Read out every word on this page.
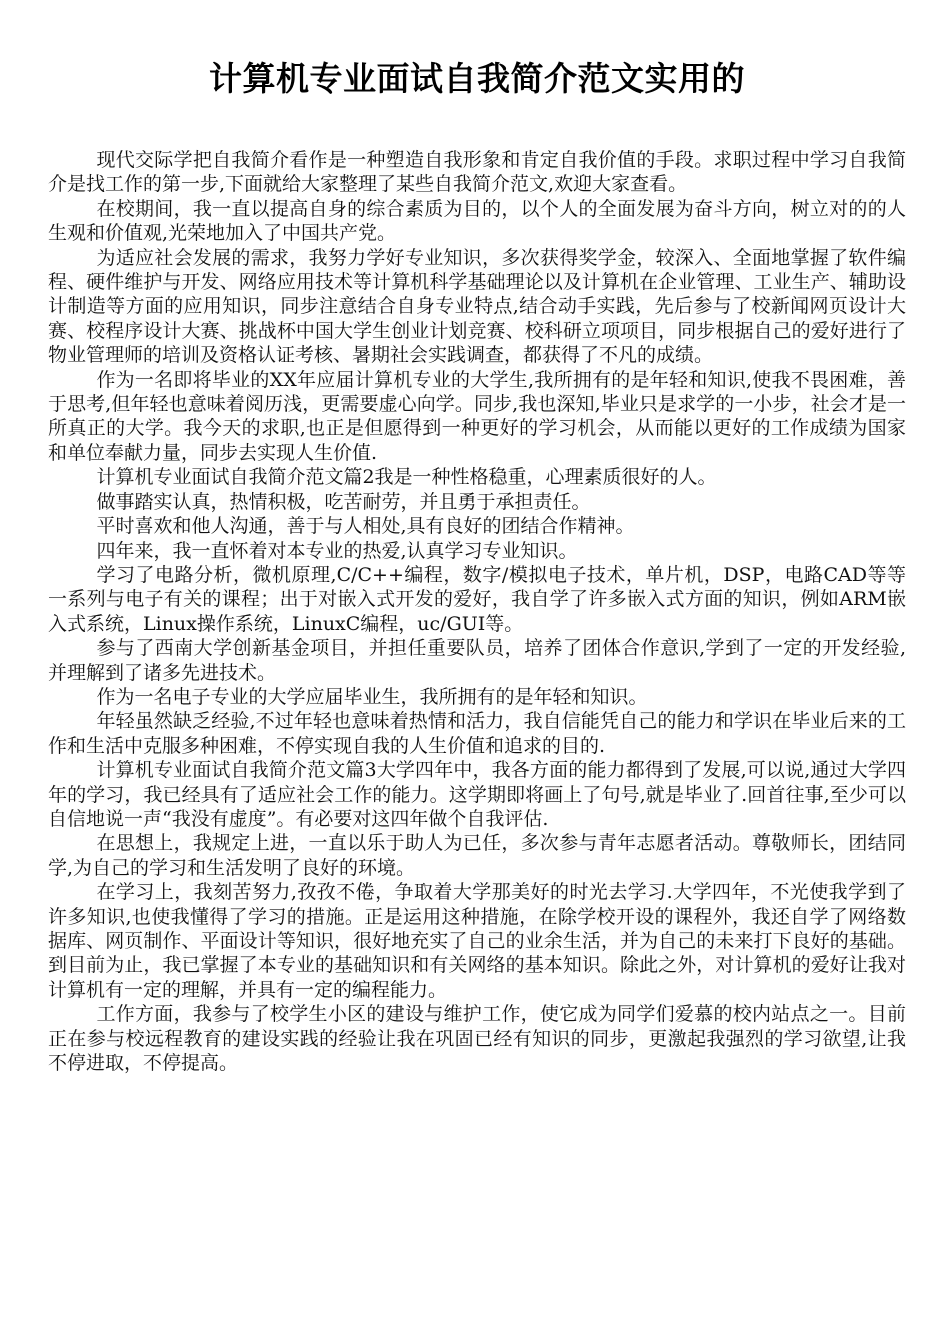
计算机专业面试自我简介范文实用的

现代交际学把自我简介看作是一种塑造自我形象和肯定自我价值的手段。求职过程中学习自我简介是找工作的第一步,下面就给大家整理了某些自我简介范文,欢迎大家查看。

在校期间，我一直以提高自身的综合素质为目的，以个人的全面发展为奋斗方向，树立对的的人生观和价值观,光荣地加入了中国共产党。

为适应社会发展的需求，我努力学好专业知识，多次获得奖学金，较深入、全面地掌握了软件编程、硬件维护与开发、网络应用技术等计算机科学基础理论以及计算机在企业管理、工业生产、辅助设计制造等方面的应用知识，同步注意结合自身专业特点,结合动手实践，先后参与了校新闻网页设计大赛、校程序设计大赛、挑战杯中国大学生创业计划竞赛、校科研立项项目，同步根据自己的爱好进行了物业管理师的培训及资格认证考核、暑期社会实践调查，都获得了不凡的成绩。

作为一名即将毕业的XX年应届计算机专业的大学生,我所拥有的是年轻和知识,使我不畏困难，善于思考,但年轻也意味着阅历浅，更需要虚心向学。同步,我也深知,毕业只是求学的一小步，社会才是一所真正的大学。我今天的求职,也正是但愿得到一种更好的学习机会，从而能以更好的工作成绩为国家和单位奉献力量，同步去实现人生价值.

计算机专业面试自我简介范文篇2我是一种性格稳重，心理素质很好的人。

做事踏实认真，热情积极，吃苦耐劳，并且勇于承担责任。

平时喜欢和他人沟通，善于与人相处,具有良好的团结合作精神。

四年来，我一直怀着对本专业的热爱,认真学习专业知识。

学习了电路分析，微机原理,C/C++编程，数字/模拟电子技术，单片机，DSP，电路CAD等等一系列与电子有关的课程；出于对嵌入式开发的爱好，我自学了许多嵌入式方面的知识，例如ARM嵌入式系统，Linux操作系统，LinuxC编程，uc/GUI等。

参与了西南大学创新基金项目，并担任重要队员，培养了团体合作意识,学到了一定的开发经验,并理解到了诸多先进技术。

作为一名电子专业的大学应届毕业生，我所拥有的是年轻和知识。

年轻虽然缺乏经验,不过年轻也意味着热情和活力，我自信能凭自己的能力和学识在毕业后来的工作和生活中克服多种困难，不停实现自我的人生价值和追求的目的.

计算机专业面试自我简介范文篇3大学四年中，我各方面的能力都得到了发展,可以说,通过大学四年的学习，我已经具有了适应社会工作的能力。这学期即将画上了句号,就是毕业了.回首往事,至少可以自信地说一声“我没有虚度”。有必要对这四年做个自我评估.

在思想上，我规定上进，一直以乐于助人为已任，多次参与青年志愿者活动。尊敬师长，团结同学,为自己的学习和生活发明了良好的环境。

在学习上，我刻苦努力,孜孜不倦，争取着大学那美好的时光去学习.大学四年，不光使我学到了许多知识,也使我懂得了学习的措施。正是运用这种措施，在除学校开设的课程外，我还自学了网络数据库、网页制作、平面设计等知识，很好地充实了自己的业余生活，并为自己的未来打下良好的基础。到目前为止，我已掌握了本专业的基础知识和有关网络的基本知识。除此之外，对计算机的爱好让我对计算机有一定的理解，并具有一定的编程能力。

工作方面，我参与了校学生小区的建设与维护工作，使它成为同学们爱慕的校内站点之一。目前正在参与校远程教育的建设实践的经验让我在巩固已经有知识的同步，更激起我强烈的学习欲望,让我不停进取，不停提高。
